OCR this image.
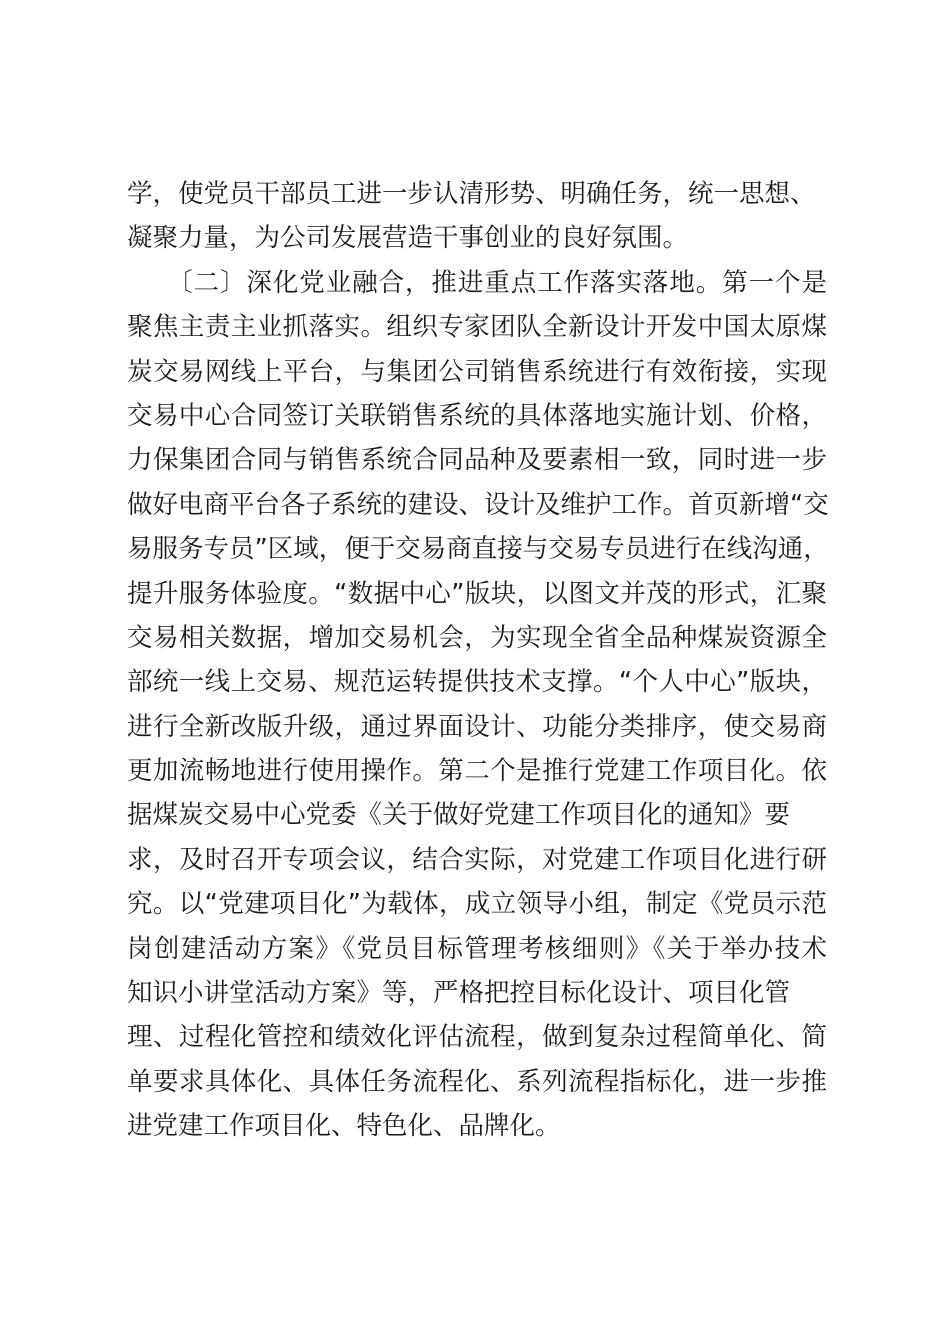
学，使党员干部员工进一步认清形势、明确任务，统一思想、
凝聚力量，为公司发展营造干事创业的良好氛围。
　　〔二〕深化党业融合，推进重点工作落实落地。第一个是
聚焦主责主业抓落实。组织专家团队全新设计开发中国太原煤
炭交易网线上平台，与集团公司销售系统进行有效衔接，实现
交易中心合同签订关联销售系统的具体落地实施计划、价格，
力保集团合同与销售系统合同品种及要素相一致，同时进一步
做好电商平台各子系统的建设、设计及维护工作。首页新增“交
易服务专员”区域，便于交易商直接与交易专员进行在线沟通，
提升服务体验度。“数据中心”版块，以图文并茂的形式，汇聚
交易相关数据，增加交易机会，为实现全省全品种煤炭资源全
部统一线上交易、规范运转提供技术支撑。“个人中心”版块，
进行全新改版升级，通过界面设计、功能分类排序，使交易商
更加流畅地进行使用操作。第二个是推行党建工作项目化。依
据煤炭交易中心党委《关于做好党建工作项目化的通知》要
求，及时召开专项会议，结合实际，对党建工作项目化进行研
究。以“党建项目化”为载体，成立领导小组，制定《党员示范
岗创建活动方案》《党员目标管理考核细则》《关于举办技术
知识小讲堂活动方案》等，严格把控目标化设计、项目化管
理、过程化管控和绩效化评估流程，做到复杂过程简单化、简
单要求具体化、具体任务流程化、系列流程指标化，进一步推
进党建工作项目化、特色化、品牌化。
